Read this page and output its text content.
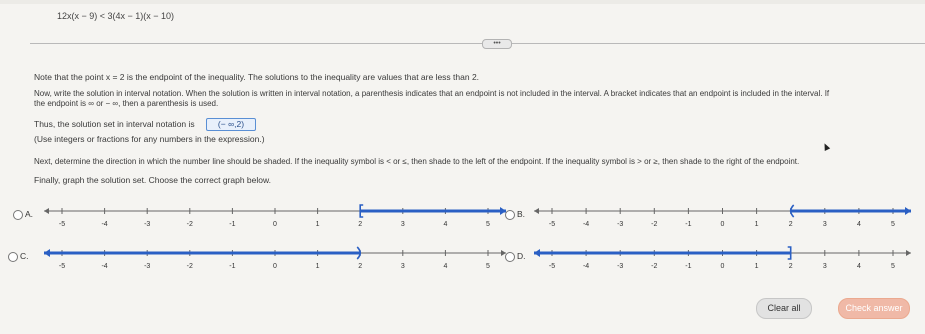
12x(x − 9) < 3(4x − 1)(x − 10)
•••
Note that the point x = 2 is the endpoint of the inequality. The solutions to the inequality are values that are less than 2.
Now, write the solution in interval notation. When the solution is written in interval notation, a parenthesis indicates that an endpoint is not included in the interval. A bracket indicates that an endpoint is included in the interval. If
the endpoint is ∞ or − ∞, then a parenthesis is used.
Thus, the solution set in interval notation is	(− ∞,2)
(Use integers or fractions for any numbers in the expression.)
Next, determine the direction in which the number line should be shaded. If the inequality symbol is < or ≤, then shade to the left of the endpoint. If the inequality symbol is > or ≥, then shade to the right of the endpoint.
Finally, graph the solution set. Choose the correct graph below.
A.
-5	-4	-3	-2	-1	0	1	2	3	4	5
B.
-5	-4	-3	-2	-1	0	1	2	3	4	5
C.
-5	-4	-3	-2	-1	0	1	2	3	4	5
D.
-5	-4	-3	-2	-1	0	1	2	3	4	5
Clear all	Check answer
